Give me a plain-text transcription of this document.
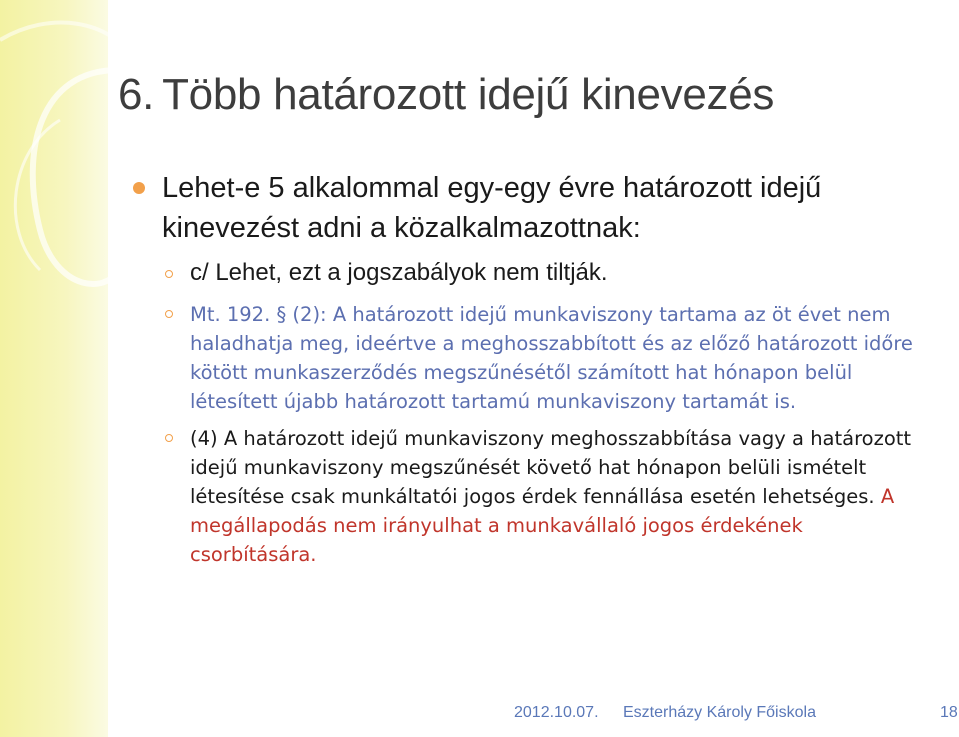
6. Több határozott idejű kinevezés
Lehet-e 5 alkalommal egy-egy évre határozott idejű kinevezést adni a közalkalmazottnak:
c/ Lehet, ezt a jogszabályok nem tiltják.
Mt. 192. § (2): A határozott idejű munkaviszony tartama az öt évet nem haladhatja meg, ideértve a meghosszabbított és az előző határozott időre kötött munkaszerződés megszűnésétől számított hat hónapon belül létesített újabb határozott tartamú munkaviszony tartamát is.
(4) A határozott idejű munkaviszony meghosszabbítása vagy a határozott idejű munkaviszony megszűnését követő hat hónapon belüli ismételt létesítése csak munkáltatói jogos érdek fennállása esetén lehetséges. A megállapodás nem irányulhat a munkavállaló jogos érdekének csorbítására.
2012.10.07. Eszterházy Károly Főiskola	18
